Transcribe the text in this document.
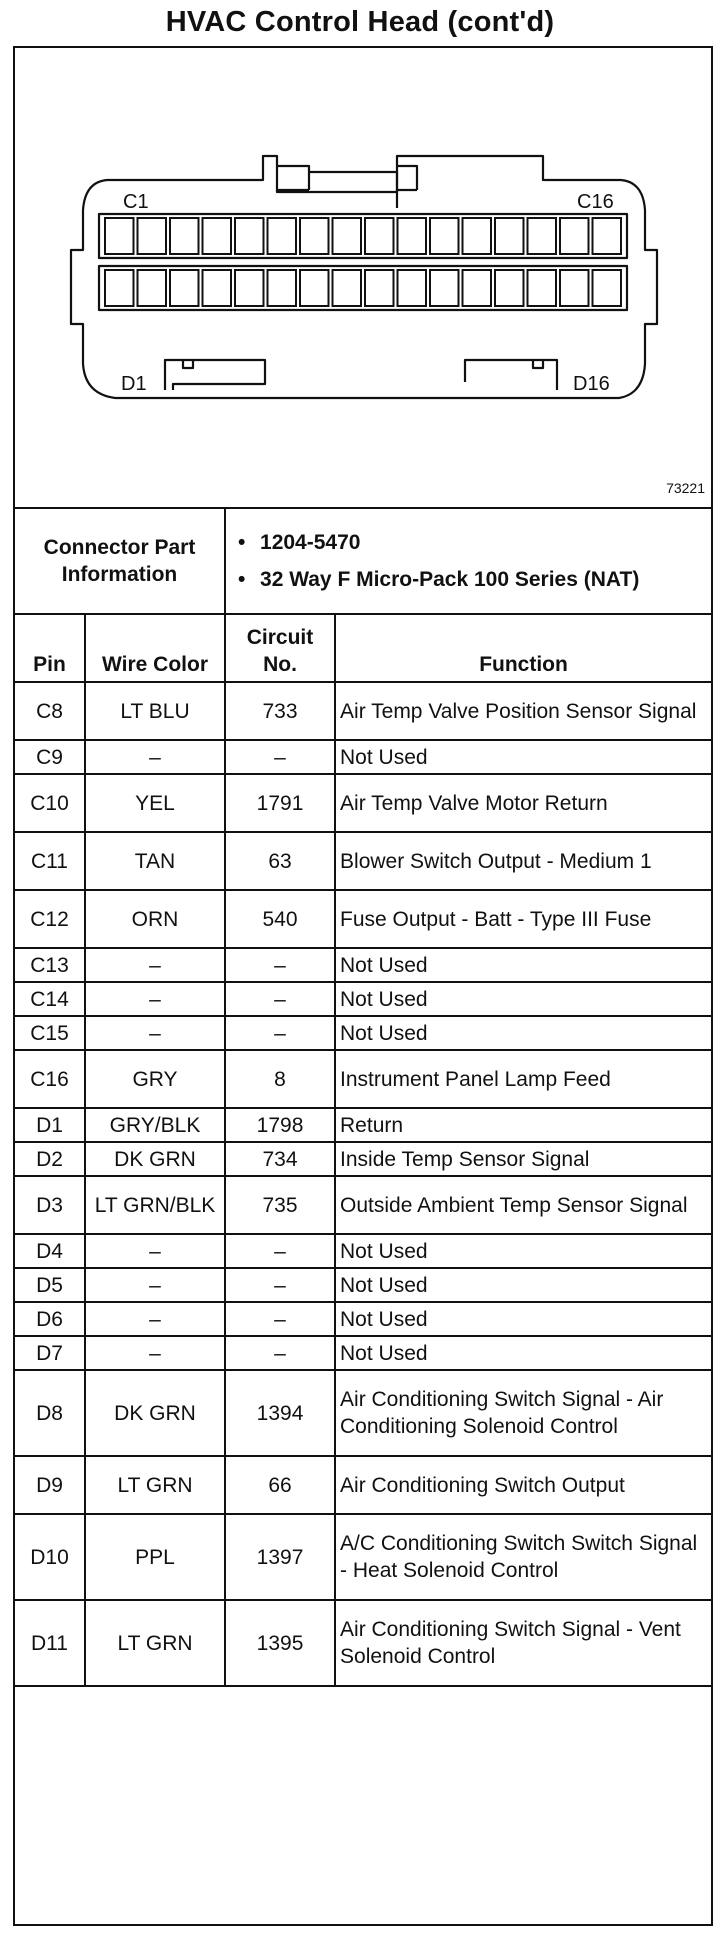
HVAC Control Head (cont'd)
C1	C16
D1	D16
73221
Connector Part Information		• 1204-5470
• 32 Way F Micro-Pack 100 Series (NAT)	

Pin	Wire Color	Circuit No.	Function
C8	LT BLU	733	Air Temp Valve Position Sensor Signal
C9	–	–	Not Used
C10	YEL	1791	Air Temp Valve Motor Return
C11	TAN	63	Blower Switch Output - Medium 1
C12	ORN	540	Fuse Output - Batt - Type III Fuse
C13	–	–	Not Used
C14	–	–	Not Used
C15	–	–	Not Used
C16	GRY	8	Instrument Panel Lamp Feed
D1	GRY/BLK	1798	Return
D2	DK GRN	734	Inside Temp Sensor Signal
D3	LT GRN/BLK	735	Outside Ambient Temp Sensor Signal
D4	–	–	Not Used
D5	–	–	Not Used
D6	–	–	Not Used
D7	–	–	Not Used
D8	DK GRN	1394	Air Conditioning Switch Signal - Air Conditioning Solenoid Control
D9	LT GRN	66	Air Conditioning Switch Output
D10	PPL	1397	A/C Conditioning Switch Switch Signal - Heat Solenoid Control
D11	LT GRN	1395	Air Conditioning Switch Signal - Vent Solenoid Control
